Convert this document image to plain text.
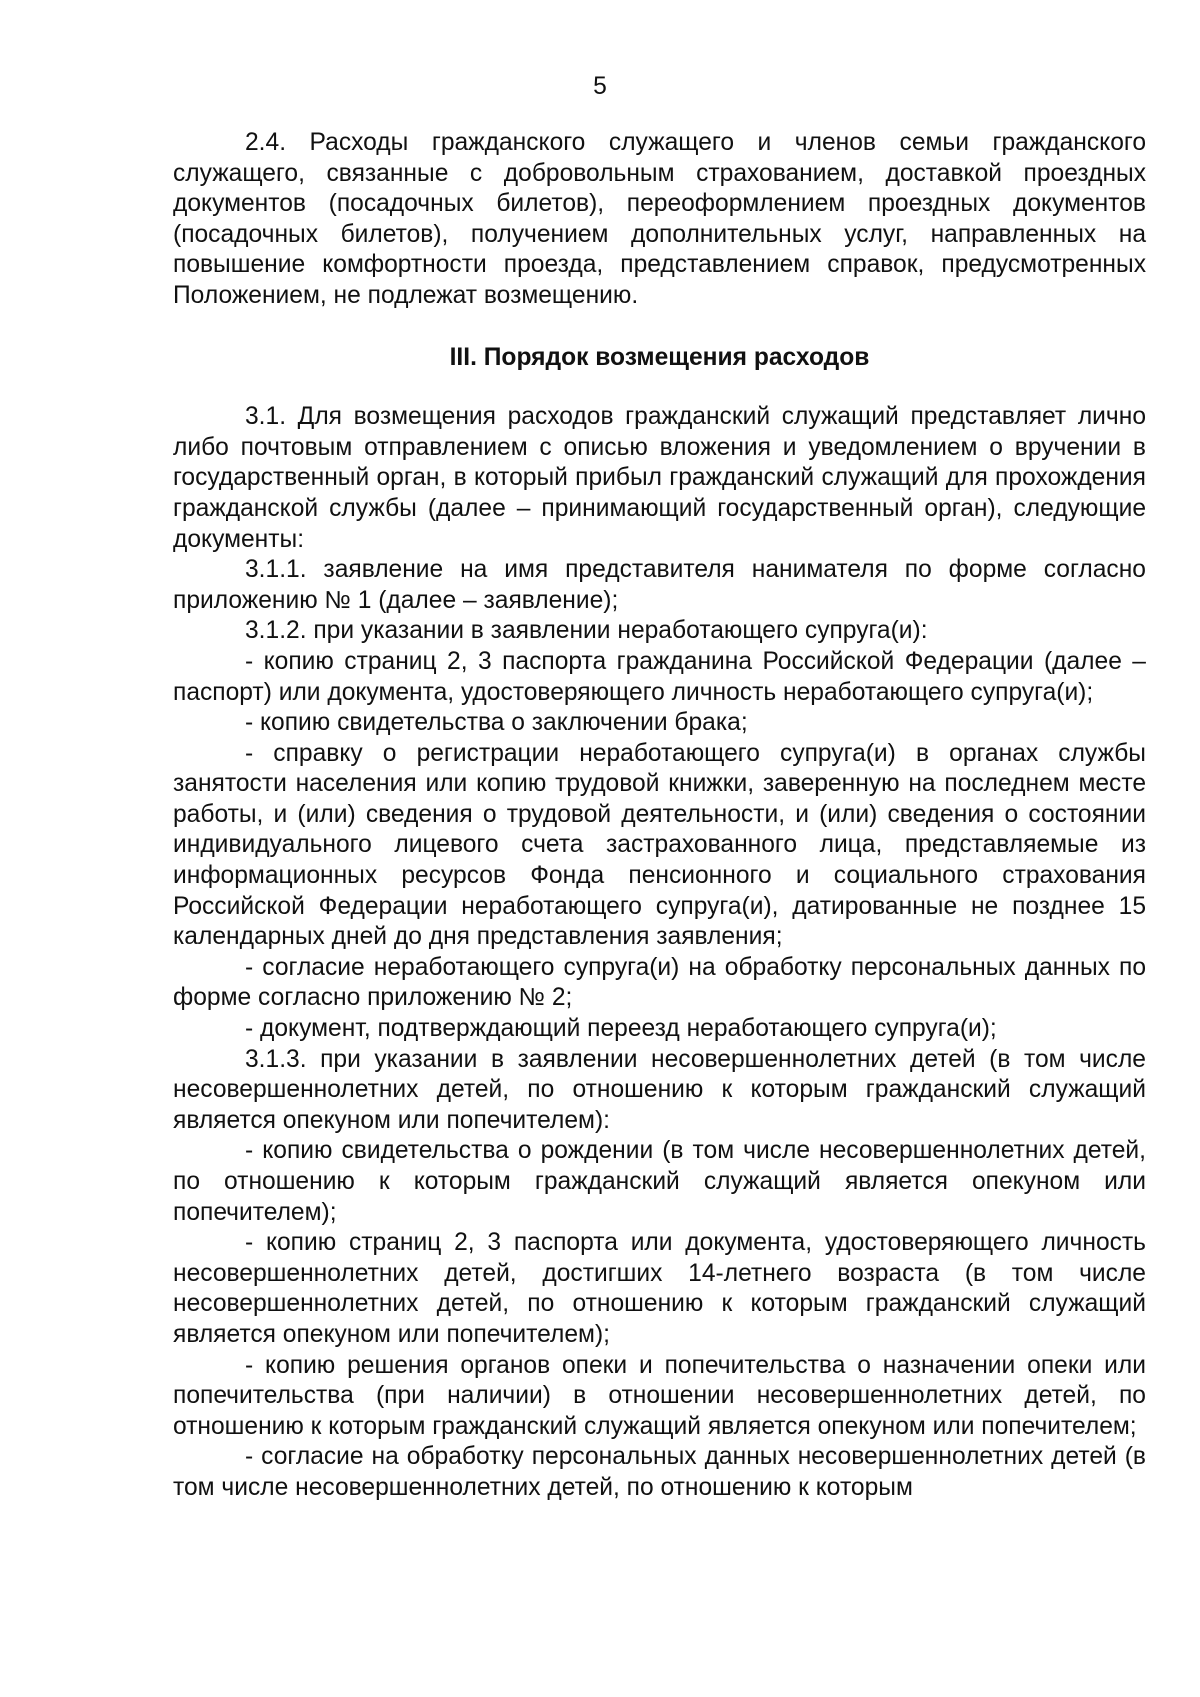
5

2.4. Расходы гражданского служащего и членов семьи гражданского служащего, связанные с добровольным страхованием, доставкой проездных документов (посадочных билетов), переоформлением проездных документов (посадочных билетов), получением дополнительных услуг, направленных на повышение комфортности проезда, представлением справок, предусмотренных Положением, не подлежат возмещению.

III. Порядок возмещения расходов

3.1. Для возмещения расходов гражданский служащий представляет лично либо почтовым отправлением с описью вложения и уведомлением о вручении в государственный орган, в который прибыл гражданский служащий для прохождения гражданской службы (далее – принимающий государственный орган), следующие документы:

3.1.1. заявление на имя представителя нанимателя по форме согласно приложению № 1 (далее – заявление);

3.1.2. при указании в заявлении неработающего супруга(и):

- копию страниц 2, 3 паспорта гражданина Российской Федерации (далее – паспорт) или документа, удостоверяющего личность неработающего супруга(и);

- копию свидетельства о заключении брака;

- справку о регистрации неработающего супруга(и) в органах службы занятости населения или копию трудовой книжки, заверенную на последнем месте работы, и (или) сведения о трудовой деятельности, и (или) сведения о состоянии индивидуального лицевого счета застрахованного лица, представляемые из информационных ресурсов Фонда пенсионного и социального страхования Российской Федерации неработающего супруга(и), датированные не позднее 15 календарных дней до дня представления заявления;

- согласие неработающего супруга(и) на обработку персональных данных по форме согласно приложению № 2;

- документ, подтверждающий переезд неработающего супруга(и);

3.1.3. при указании в заявлении несовершеннолетних детей (в том числе несовершеннолетних детей, по отношению к которым гражданский служащий является опекуном или попечителем):

- копию свидетельства о рождении (в том числе несовершеннолетних детей, по отношению к которым гражданский служащий является опекуном или попечителем);

- копию страниц 2, 3 паспорта или документа, удостоверяющего личность несовершеннолетних детей, достигших 14-летнего возраста (в том числе несовершеннолетних детей, по отношению к которым гражданский служащий является опекуном или попечителем);

- копию решения органов опеки и попечительства о назначении опеки или попечительства (при наличии) в отношении несовершеннолетних детей, по отношению к которым гражданский служащий является опекуном или попечителем;

- согласие на обработку персональных данных несовершеннолетних детей (в том числе несовершеннолетних детей, по отношению к которым
